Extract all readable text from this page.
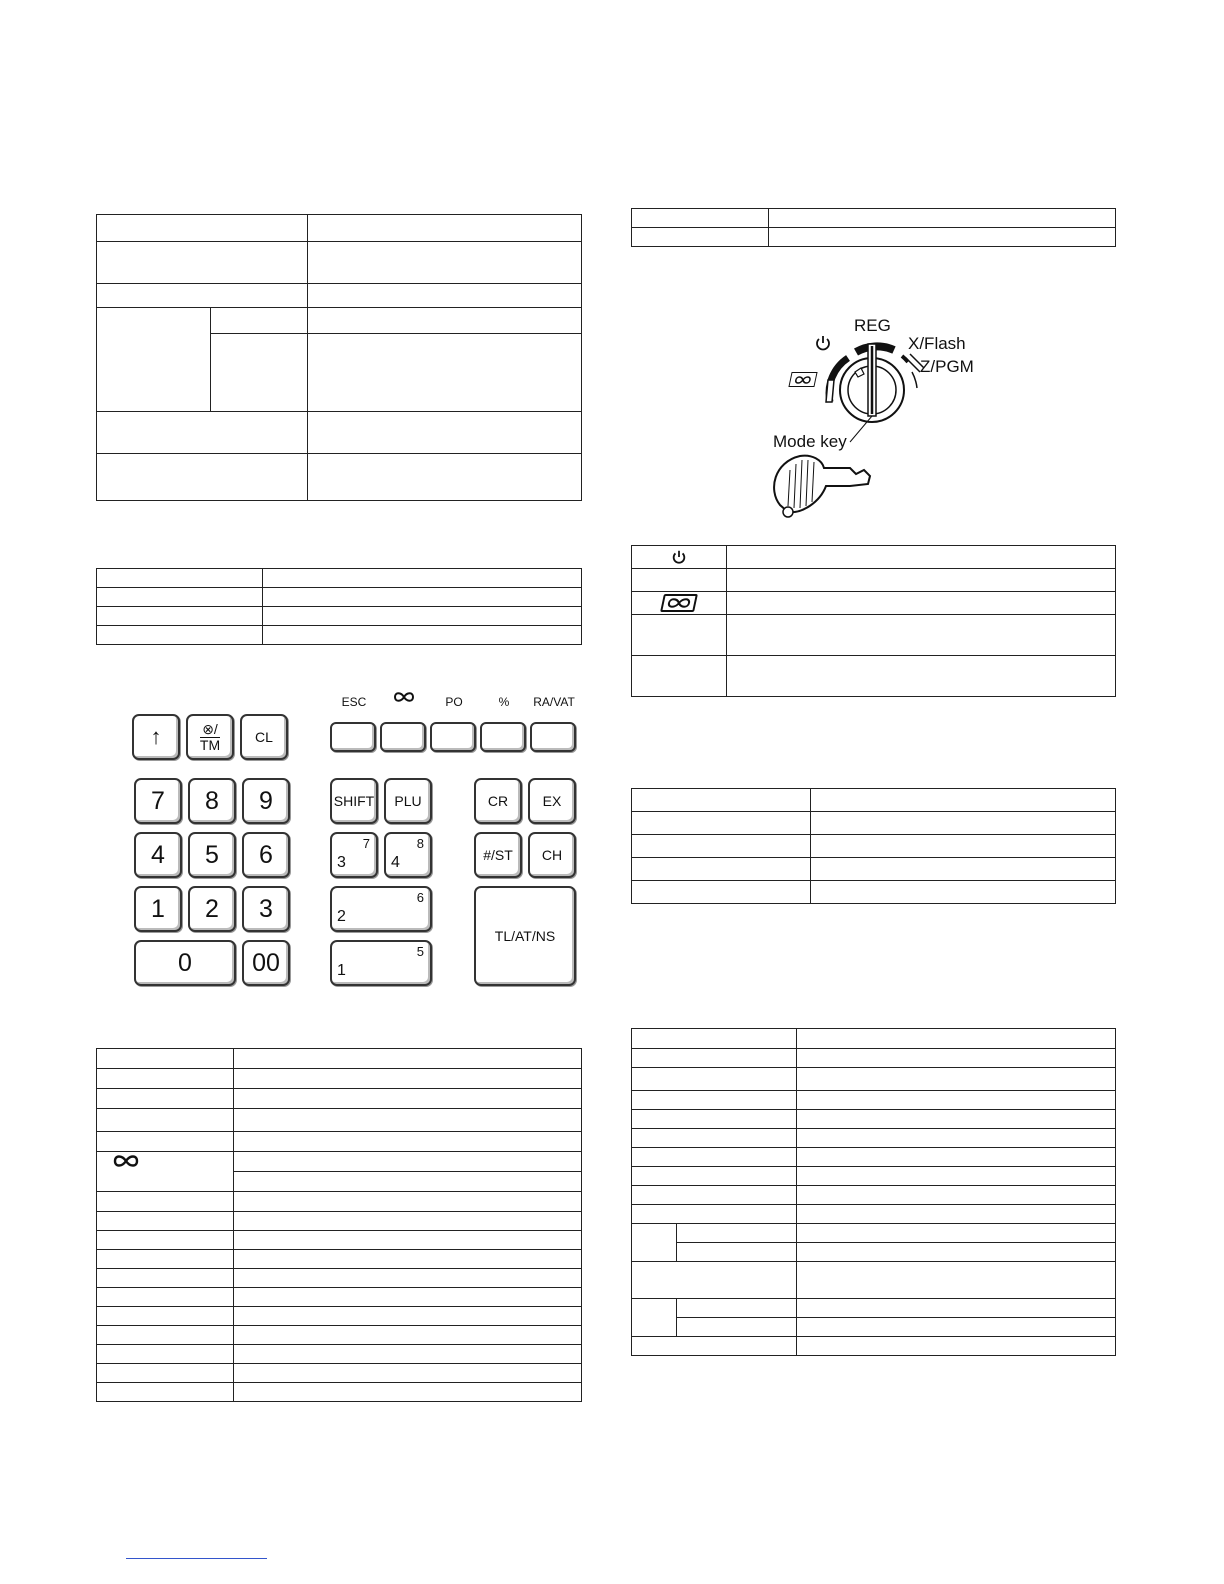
ESC	PO	%	RA/VAT
↑	⊗/
TM	CL
7	8	9
4	5	6
1	2	3
0	00
SHIFT	PLU
3
7
4
8
2
6
1
5
CR	EX
#/ST	CH
TL/AT/NS

REG
X/Flash
Z/PGM
Mode key
